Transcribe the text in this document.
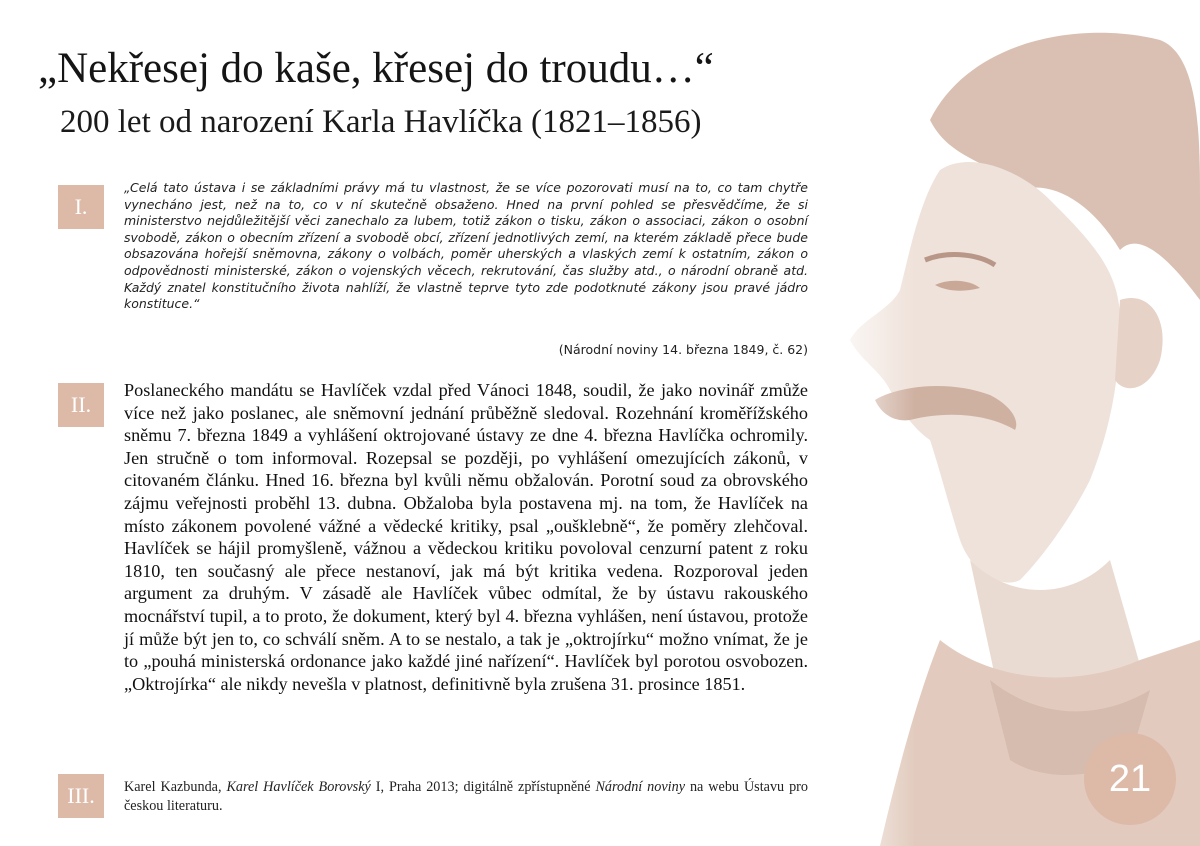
„Nekřesej do kaše, křesej do troudu…“
200 let od narození Karla Havlíčka (1821–1856)
I.

„Celá tato ústava i se základními právy má tu vlastnost, že se více pozorovati musí na to, co tam chytře vynecháno jest, než na to, co v ní skutečně obsaženo. Hned na první pohled se přesvědčíme, že si ministerstvo nejdůležitější věci zanechalo za lubem, totiž zákon o tisku, zákon o associaci, zákon o osobní svobodě, zákon o obecním zřízení a svobodě obcí, zřízení jednotlivých zemí, na kterém základě přece bude obsazována hořejší sněmovna, zákony o volbách, poměr uherských a vlaských zemí k ostatním, zákon o odpovědnosti ministerské, zákon o vojenských věcech, rekrutování, čas služby atd., o národní obraně atd. Každý znatel konstitučního života nahlíží, že vlastně teprve tyto zde podotknuté zákony jsou pravé jádro konstituce.“

(Národní noviny 14. března 1849, č. 62)
II.

Poslaneckého mandátu se Havlíček vzdal před Vánoci 1848, soudil, že jako novinář zmůže více než jako poslanec, ale sněmovní jednání průběžně sledoval. Rozehnání kroměřížského sněmu 7. března 1849 a vyhlášení oktrojované ústavy ze dne 4. března Havlíčka ochromily. Jen stručně o tom informoval. Rozepsal se později, po vyhlášení omezujících zákonů, v citovaném článku. Hned 16. března byl kvůli němu obžalován. Porotní soud za obrovského zájmu veřejnosti proběhl 13. dubna. Obžaloba byla postavena mj. na tom, že Havlíček na místo zákonem povolené vážné a vědecké kritiky, psal „oušklebně“, že poměry zlehčoval. Havlíček se hájil promyšleně, vážnou a vědeckou kritiku povoloval cenzurní patent z roku 1810, ten současný ale přece nestanoví, jak má být kritika vedena. Rozporoval jeden argument za druhým. V zásadě ale Havlíček vůbec odmítal, že by ústavu rakouského mocnářství tupil, a to proto, že dokument, který byl 4. března vyhlášen, není ústavou, protože jí může být jen to, co schválí sněm. A to se nestalo, a tak je „oktrojírku“ možno vnímat, že je to „pouhá ministerská ordonance jako každé jiné nařízení“. Havlíček byl porotou osvobozen. „Oktrojírka“ ale nikdy nevešla v platnost, definitivně byla zrušena 31. prosince 1851.

III.	Karel Kazbunda, Karel Havlíček Borovský I, Praha 2013; digitálně zpřístupněné Národní noviny na webu Ústavu pro českou literaturu.

21
